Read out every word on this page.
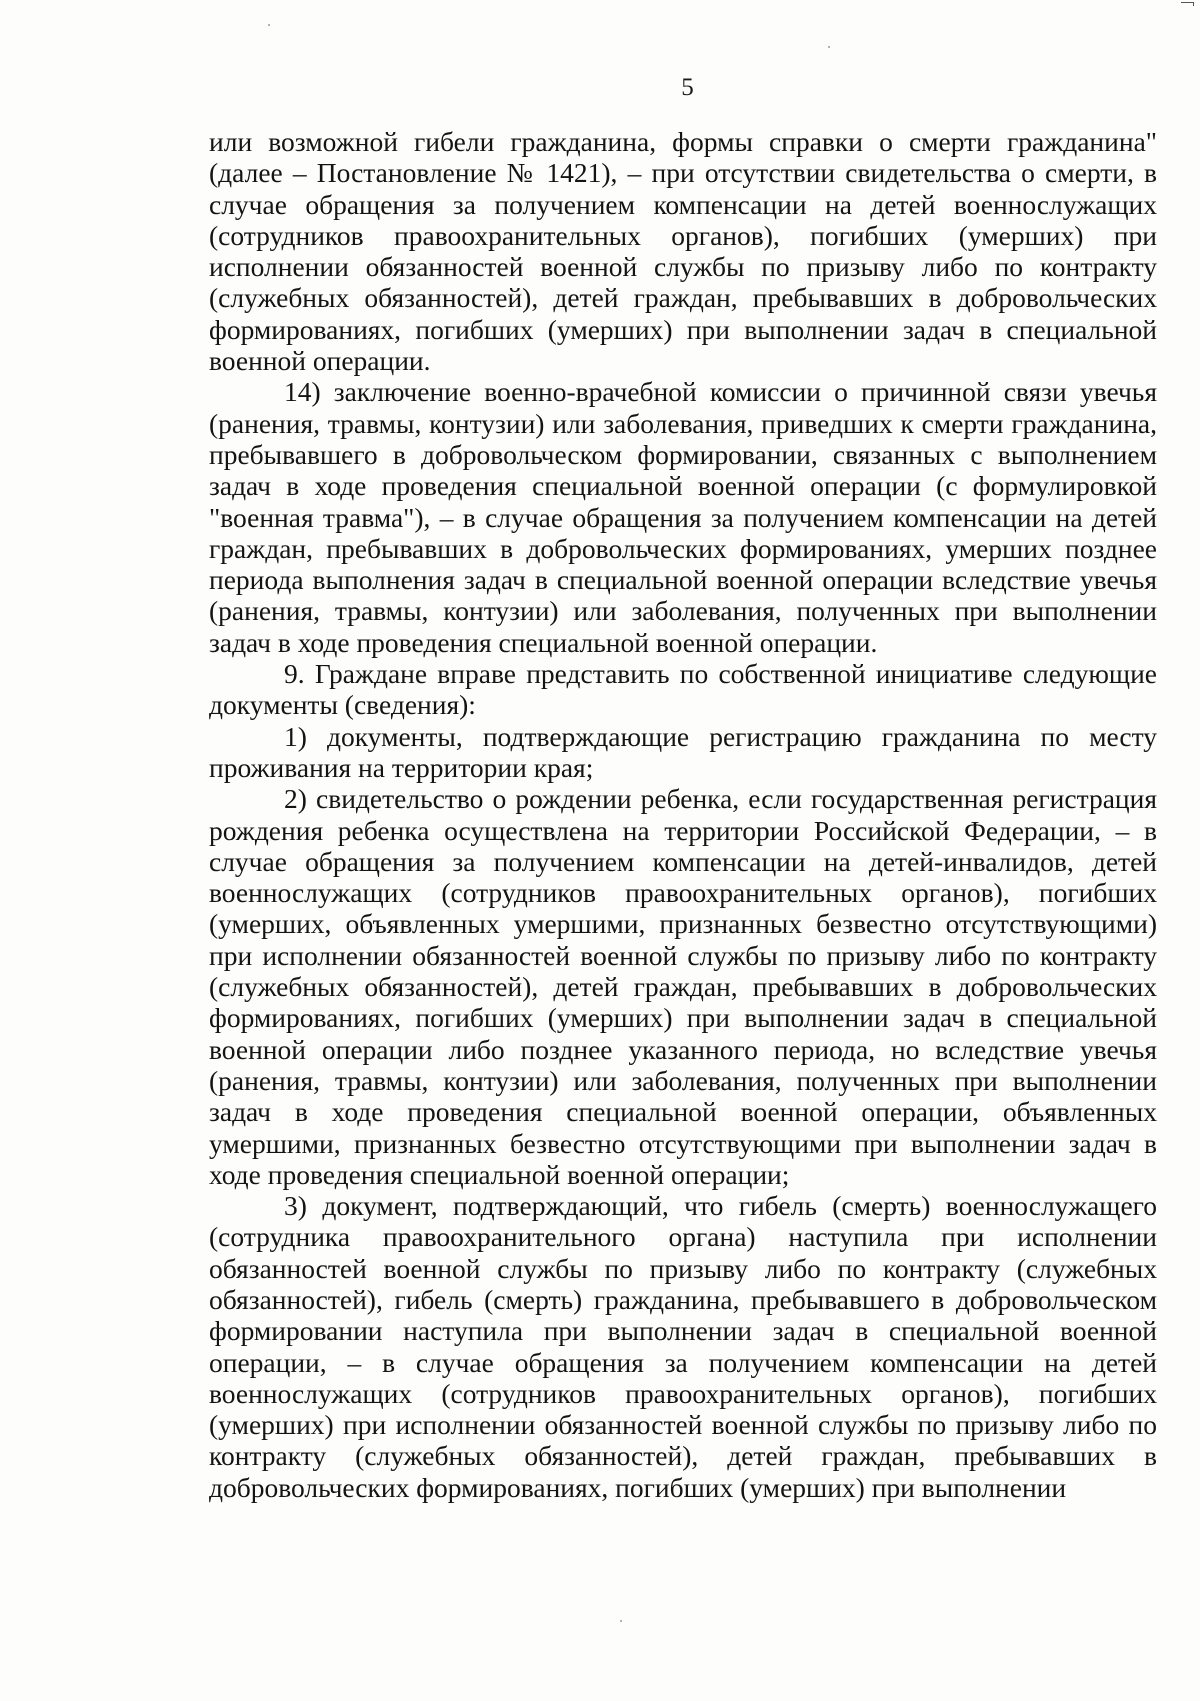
5

или возможной гибели гражданина, формы справки о смерти гражданина" (далее – Постановление № 1421), – при отсутствии свидетельства о смерти, в случае обращения за получением компенсации на детей военнослужащих (сотрудников правоохранительных органов), погибших (умерших) при исполнении обязанностей военной службы по призыву либо по контракту (служебных обязанностей), детей граждан, пребывавших в добровольческих формированиях, погибших (умерших) при выполнении задач в специальной военной операции.

14) заключение военно-врачебной комиссии о причинной связи увечья (ранения, травмы, контузии) или заболевания, приведших к смерти гражданина, пребывавшего в добровольческом формировании, связанных с выполнением задач в ходе проведения специальной военной операции (с формулировкой "военная травма"), – в случае обращения за получением компенсации на детей граждан, пребывавших в добровольческих формированиях, умерших позднее периода выполнения задач в специальной военной операции вследствие увечья (ранения, травмы, контузии) или заболевания, полученных при выполнении задач в ходе проведения специальной военной операции.

9. Граждане вправе представить по собственной инициативе следующие документы (сведения):

1) документы, подтверждающие регистрацию гражданина по месту проживания на территории края;

2) свидетельство о рождении ребенка, если государственная регистрация рождения ребенка осуществлена на территории Российской Федерации, – в случае обращения за получением компенсации на детей-инвалидов, детей военнослужащих (сотрудников правоохранительных органов), погибших (умерших, объявленных умершими, признанных безвестно отсутствующими) при исполнении обязанностей военной службы по призыву либо по контракту (служебных обязанностей), детей граждан, пребывавших в добровольческих формированиях, погибших (умерших) при выполнении задач в специальной военной операции либо позднее указанного периода, но вследствие увечья (ранения, травмы, контузии) или заболевания, полученных при выполнении задач в ходе проведения специальной военной операции, объявленных умершими, признанных безвестно отсутствующими при выполнении задач в ходе проведения специальной военной операции;

3) документ, подтверждающий, что гибель (смерть) военнослужащего (сотрудника правоохранительного органа) наступила при исполнении обязанностей военной службы по призыву либо по контракту (служебных обязанностей), гибель (смерть) гражданина, пребывавшего в добровольческом формировании наступила при выполнении задач в специальной военной операции, – в случае обращения за получением компенсации на детей военнослужащих (сотрудников правоохранительных органов), погибших (умерших) при исполнении обязанностей военной службы по призыву либо по контракту (служебных обязанностей), детей граждан, пребывавших в добровольческих формированиях, погибших (умерших) при выполнении
